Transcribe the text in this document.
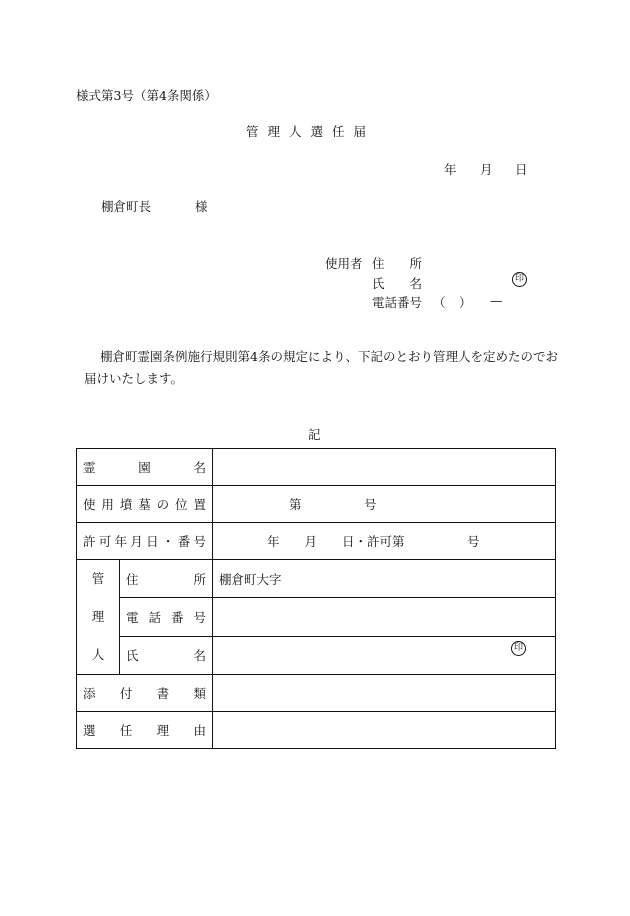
様式第3号（第4条関係）
管理人選任届
年 月 日
棚倉町長	様
使用者 住　　所
氏　　名
電話番号 （ ） —
印
棚倉町霊園条例施行規則第4条の規定により、下記のとおり管理人を定めたのでお届けいたします。
記
霊園名		
使用墳墓の位置		第　　　　　号
許可年月日・番号		年　　月　　日・許可第　　　　　号

管
理
人	住所	棚倉町大字
	電話番号	
	氏名	
添付書類		
選任理由		
印
